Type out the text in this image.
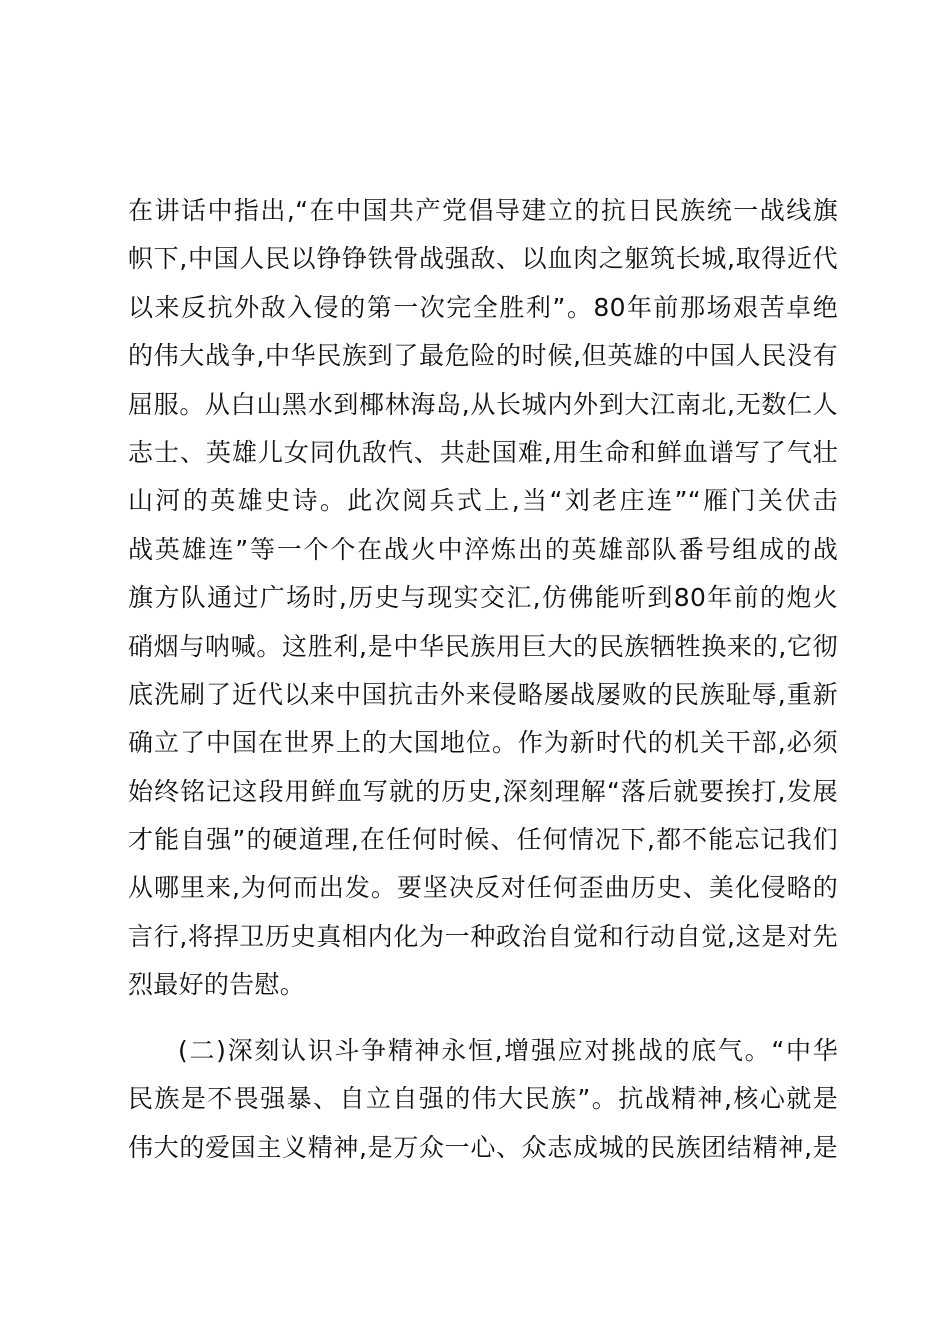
在讲话中指出,“在中国共产党倡导建立的抗日民族统一战线旗
帜下,中国人民以铮铮铁骨战强敌、以血肉之躯筑长城,取得近代
以来反抗外敌入侵的第一次完全胜利”。80年前那场艰苦卓绝
的伟大战争,中华民族到了最危险的时候,但英雄的中国人民没有
屈服。从白山黑水到椰林海岛,从长城内外到大江南北,无数仁人
志士、英雄儿女同仇敌忾、共赴国难,用生命和鲜血谱写了气壮
山河的英雄史诗。此次阅兵式上,当“刘老庄连”“雁门关伏击
战英雄连”等一个个在战火中淬炼出的英雄部队番号组成的战
旗方队通过广场时,历史与现实交汇,仿佛能听到80年前的炮火
硝烟与呐喊。这胜利,是中华民族用巨大的民族牺牲换来的,它彻
底洗刷了近代以来中国抗击外来侵略屡战屡败的民族耻辱,重新
确立了中国在世界上的大国地位。作为新时代的机关干部,必须
始终铭记这段用鲜血写就的历史,深刻理解“落后就要挨打,发展
才能自强”的硬道理,在任何时候、任何情况下,都不能忘记我们
从哪里来,为何而出发。要坚决反对任何歪曲历史、美化侵略的
言行,将捍卫历史真相内化为一种政治自觉和行动自觉,这是对先
烈最好的告慰。
(二)深刻认识斗争精神永恒,增强应对挑战的底气。“中华
民族是不畏强暴、自立自强的伟大民族”。抗战精神,核心就是
伟大的爱国主义精神,是万众一心、众志成城的民族团结精神,是
